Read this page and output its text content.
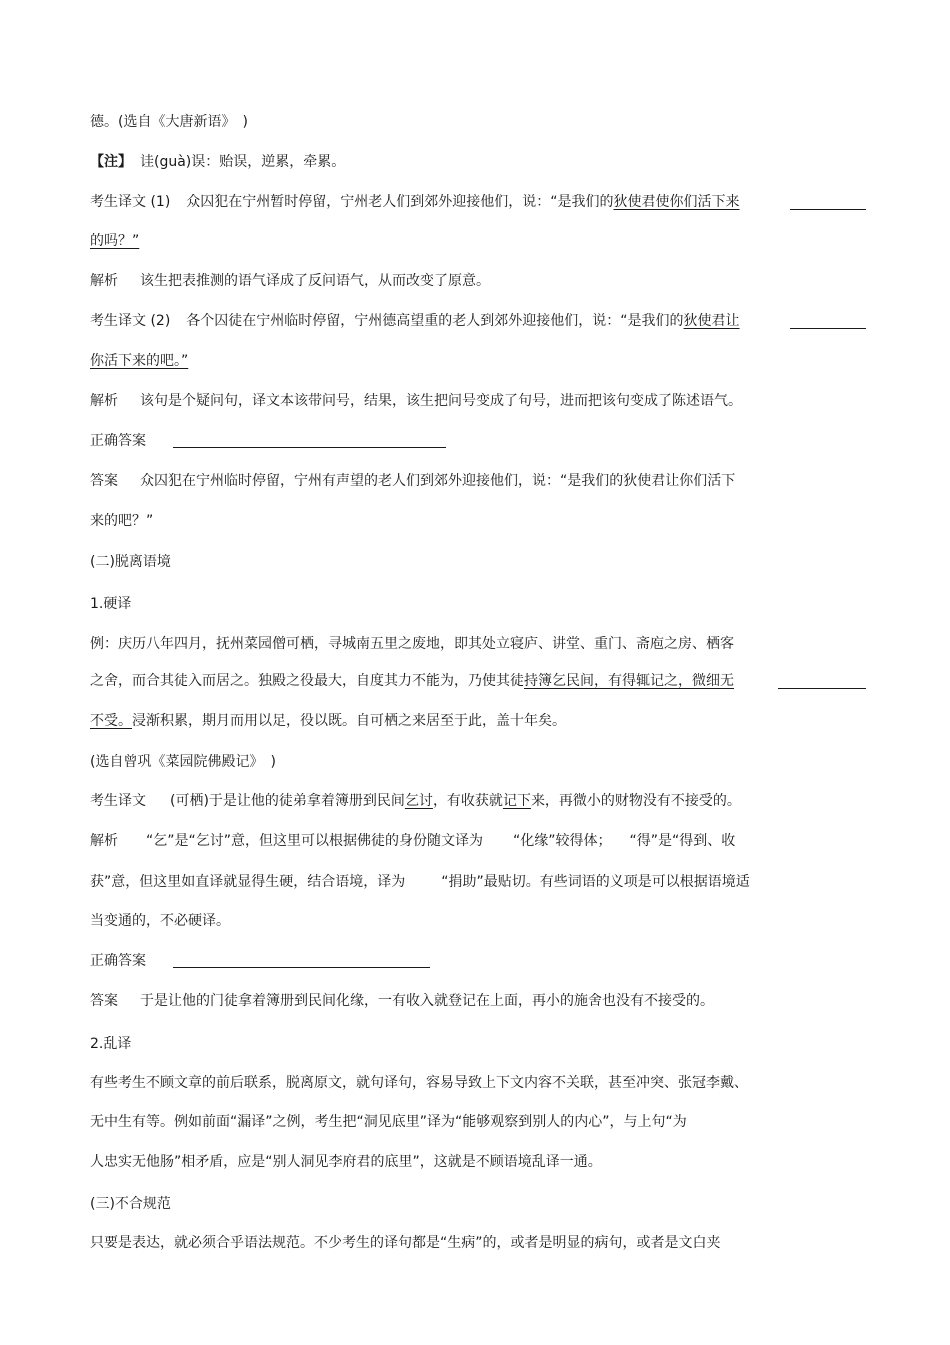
德。(选自《大唐新语》　)
【注】 诖(guà)误：贻误，逆累，牵累。
考生译文 (1) 众囚犯在宁州暂时停留，宁州老人们到郊外迎接他们，说：“是我们的狄使君使你们活下来
的吗？”
解析 该生把表推测的语气译成了反问语气，从而改变了原意。
考生译文 (2) 各个囚徒在宁州临时停留，宁州德高望重的老人到郊外迎接他们，说：“是我们的狄使君让
你活下来的吧。”
解析 该句是个疑问句，译文本该带问号，结果，该生把问号变成了句号，进而把该句变成了陈述语气。
正确答案
答案 众囚犯在宁州临时停留，宁州有声望的老人们到郊外迎接他们，说：“是我们的狄使君让你们活下
来的吧？”
(二)脱离语境
1.硬译
例：庆历八年四月，抚州菜园僧可栖，寻城南五里之废地，即其处立寝庐、讲堂、重门、斋庖之房、栖客
之舍，而合其徒入而居之。独殿之役最大，自度其力不能为，乃使其徒持簿乞民间，有得辄记之，微细无
不受。浸渐积累，期月而用以足，役以既。自可栖之来居至于此，盖十年矣。
(选自曾巩《菜园院佛殿记》　)
考生译文 (可栖)于是让他的徒弟拿着簿册到民间乞讨，有收获就记下来，再微小的财物没有不接受的。
解析 “乞”是“乞讨”意，但这里可以根据佛徒的身份随文译为 “化缘”较得体； “得”是“得到、收
获”意，但这里如直译就显得生硬，结合语境，译为	“捐助”最贴切。有些词语的义项是可以根据语境适
当变通的，不必硬译。
正确答案
答案 于是让他的门徒拿着簿册到民间化缘，一有收入就登记在上面，再小的施舍也没有不接受的。
2.乱译
有些考生不顾文章的前后联系，脱离原文，就句译句，容易导致上下文内容不关联，甚至冲突、张冠李戴、
无中生有等。例如前面“漏译”之例，考生把“洞见底里”译为“能够观察到别人的内心”，与上句“为
人忠实无他肠”相矛盾，应是“别人洞见李府君的底里”，这就是不顾语境乱译一通。
(三)不合规范
只要是表达，就必须合乎语法规范。不少考生的译句都是“生病”的，或者是明显的病句，或者是文白夹
